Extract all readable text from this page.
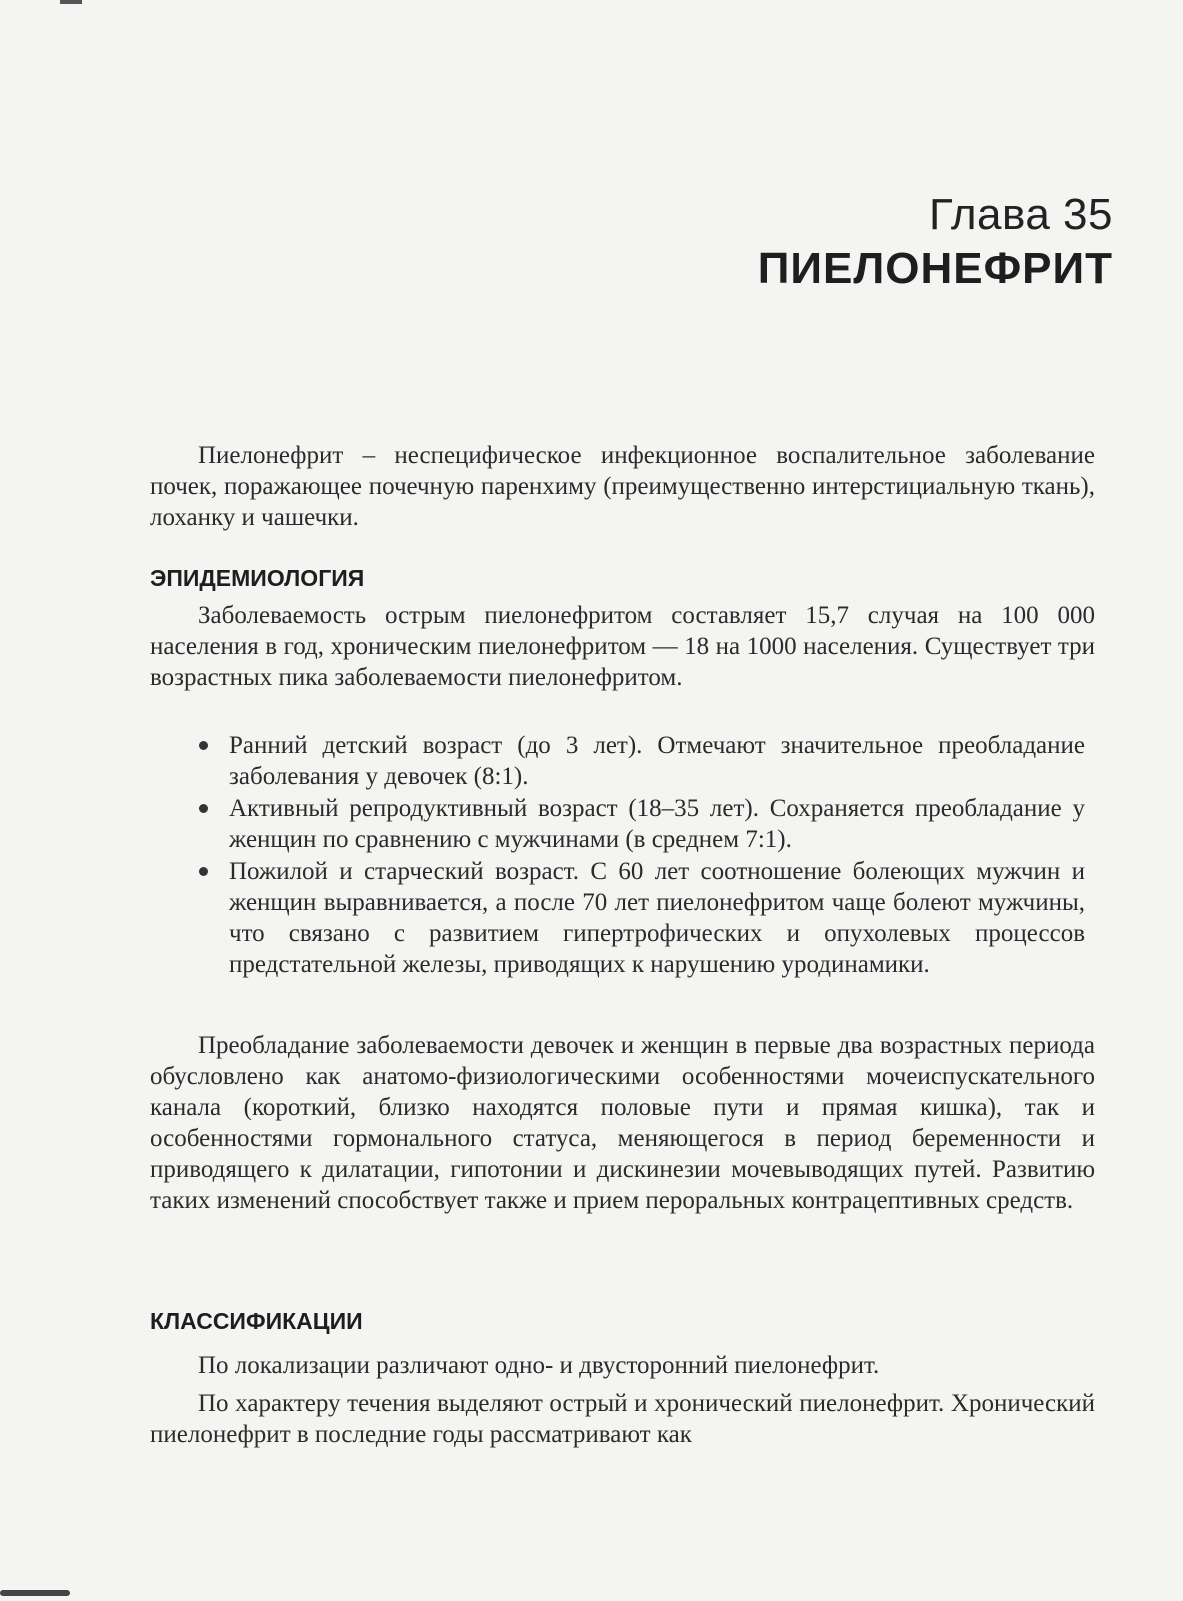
Глава 35
ПИЕЛОНЕФРИТ

Пиелонефрит – неспецифическое инфекционное воспалительное заболевание почек, поражающее почечную паренхиму (преимущественно интерстициальную ткань), лоханку и чашечки.

ЭПИДЕМИОЛОГИЯ

Заболеваемость острым пиелонефритом составляет 15,7 случая на 100 000 населения в год, хроническим пиелонефритом — 18 на 1000 населения. Существует три возрастных пика заболеваемости пиелонефритом.

Ранний детский возраст (до 3 лет). Отмечают значительное преобладание заболевания у девочек (8:1).
Активный репродуктивный возраст (18–35 лет). Сохраняется преобладание у женщин по сравнению с мужчинами (в среднем 7:1).
Пожилой и старческий возраст. С 60 лет соотношение болеющих мужчин и женщин выравнивается, а после 70 лет пиелонефритом чаще болеют мужчины, что связано с развитием гипертрофических и опухолевых процессов предстательной железы, приводящих к нарушению уродинамики.

Преобладание заболеваемости девочек и женщин в первые два возрастных периода обусловлено как анатомо-физиологическими особенностями мочеиспускательного канала (короткий, близко находятся половые пути и прямая кишка), так и особенностями гормонального статуса, меняющегося в период беременности и приводящего к дилатации, гипотонии и дискинезии мочевыводящих путей. Развитию таких изменений способствует также и прием пероральных контрацептивных средств.

КЛАССИФИКАЦИИ

По локализации различают одно- и двусторонний пиелонефрит.

По характеру течения выделяют острый и хронический пиелонефрит. Хронический пиелонефрит в последние годы рассматривают как
